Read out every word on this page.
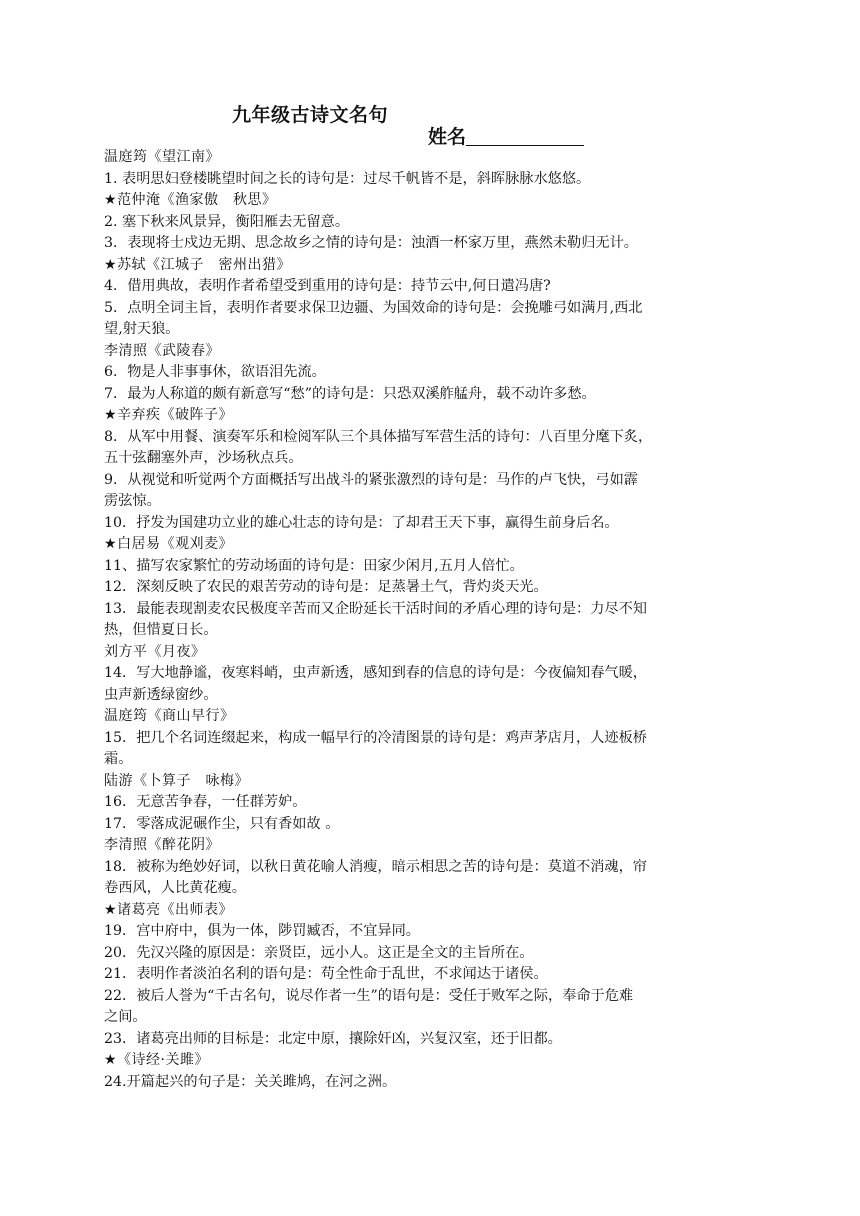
九年级古诗文名句
姓名
温庭筠《望江南》
1. 表明思妇登楼眺望时间之长的诗句是：过尽千帆皆不是，斜晖脉脉水悠悠。
★范仲淹《渔家傲　秋思》
2. 塞下秋来风景异，衡阳雁去无留意。
3．表现将士戍边无期、思念故乡之情的诗句是：浊酒一杯家万里，燕然未勒归无计。
★苏轼《江城子　密州出猎》
4．借用典故，表明作者希望受到重用的诗句是：持节云中,何日遣冯唐?
5．点明全词主旨，表明作者要求保卫边疆、为国效命的诗句是：会挽雕弓如满月,西北
望,射天狼。
李清照《武陵春》
6．物是人非事事休，欲语泪先流。
7．最为人称道的颇有新意写“愁”的诗句是：只恐双溪舴艋舟，载不动许多愁。
★辛弃疾《破阵子》
8．从军中用餐、演奏军乐和检阅军队三个具体描写军营生活的诗句：八百里分麾下炙，
五十弦翻塞外声，沙场秋点兵。
9．从视觉和听觉两个方面概括写出战斗的紧张激烈的诗句是：马作的卢飞快，弓如霹
雳弦惊。
10．抒发为国建功立业的雄心壮志的诗句是：了却君王天下事，赢得生前身后名。
★白居易《观刈麦》
11、描写农家繁忙的劳动场面的诗句是：田家少闲月,五月人倍忙。
12．深刻反映了农民的艰苦劳动的诗句是：足蒸暑土气，背灼炎天光。
13．最能表现割麦农民极度辛苦而又企盼延长干活时间的矛盾心理的诗句是：力尽不知
热，但惜夏日长。
刘方平《月夜》
14．写大地静谧，夜寒料峭，虫声新透，感知到春的信息的诗句是：今夜偏知春气暖，
虫声新透绿窗纱。
温庭筠《商山早行》
15．把几个名词连缀起来，构成一幅早行的冷清图景的诗句是：鸡声茅店月，人迹板桥
霜。
陆游《卜算子　咏梅》
16．无意苦争春，一任群芳妒。
17．零落成泥碾作尘，只有香如故 。
李清照《醉花阴》
18．被称为绝妙好词，以秋日黄花喻人消瘦，暗示相思之苦的诗句是：莫道不消魂，帘
卷西风，人比黄花瘦。
★诸葛亮《出师表》
19．宫中府中，俱为一体，陟罚臧否，不宜异同。
20．先汉兴隆的原因是：亲贤臣，远小人。这正是全文的主旨所在。
21．表明作者淡泊名利的语句是：苟全性命于乱世，不求闻达于诸侯。
22．被后人誉为“千古名句，说尽作者一生”的语句是：受任于败军之际，奉命于危难
之间。
23．诸葛亮出师的目标是：北定中原，攘除奸凶，兴复汉室，还于旧都。
★《诗经·关雎》
24.开篇起兴的句子是：关关雎鸠，在河之洲。
